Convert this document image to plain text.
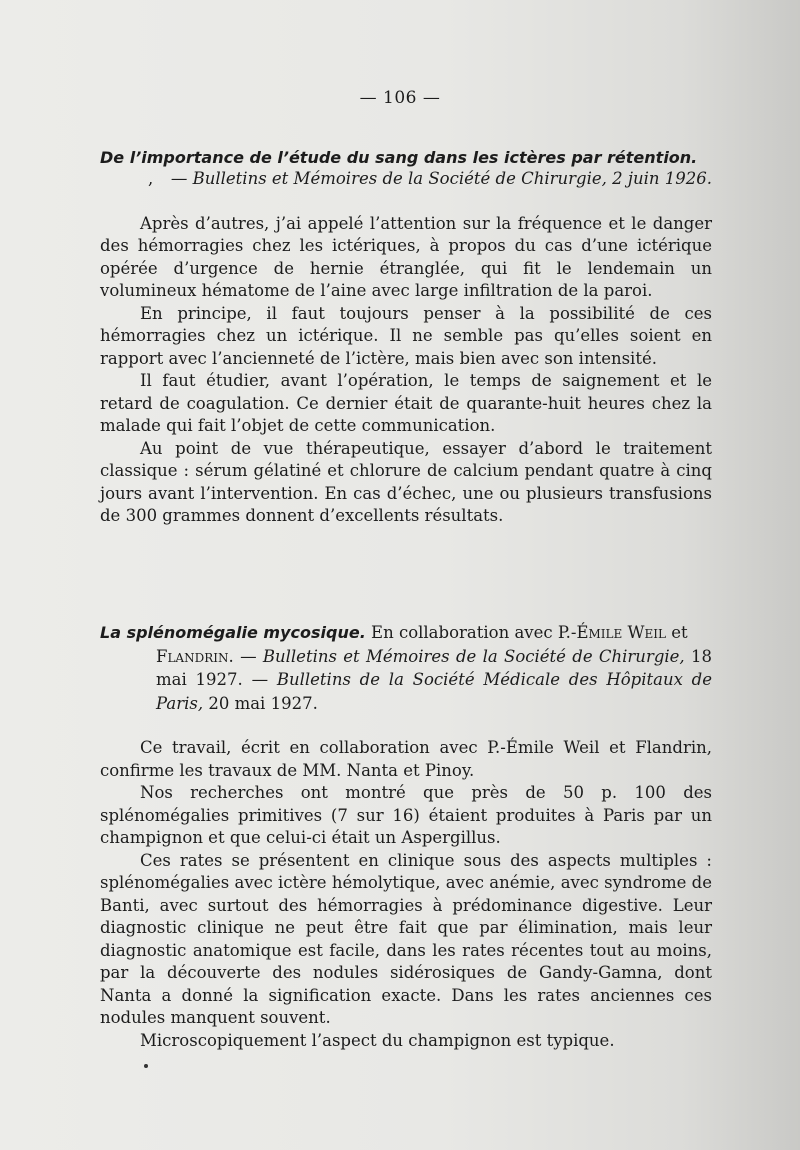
— 106 —
De l’importance de l’étude du sang dans les ictères par rétention.
, — Bulletins et Mémoires de la Société de Chirurgie, 2 juin 1926.

Après d’autres, j’ai appelé l’attention sur la fréquence et le danger des hémorragies chez les ictériques, à propos du cas d’une ictérique opérée d’urgence de hernie étranglée, qui fit le lendemain un volumineux hématome de l’aine avec large infiltration de la paroi.

En principe, il faut toujours penser à la possibilité de ces hémorragies chez un ictérique. Il ne semble pas qu’elles soient en rapport avec l’ancienneté de l’ictère, mais bien avec son intensité.

Il faut étudier, avant l’opération, le temps de saignement et le retard de coagulation. Ce dernier était de quarante-huit heures chez la malade qui fait l’objet de cette communication.

Au point de vue thérapeutique, essayer d’abord le traitement classique : sérum gélatiné et chlorure de calcium pendant quatre à cinq jours avant l’intervention. En cas d’échec, une ou plusieurs transfusions de 300 grammes donnent d’excellents résultats.

La splénomégalie mycosique. En collaboration avec P.-Émile Weil et
Flandrin. — Bulletins et Mémoires de la Société de Chirurgie, 18 mai 1927. — Bulletins de la Société Médicale des Hôpitaux de Paris, 20 mai 1927.

Ce travail, écrit en collaboration avec P.-Émile Weil et Flandrin, confirme les travaux de MM. Nanta et Pinoy.

Nos recherches ont montré que près de 50 p. 100 des splénomégalies primitives (7 sur 16) étaient produites à Paris par un champignon et que celui-ci était un Aspergillus.

Ces rates se présentent en clinique sous des aspects multiples : splénomégalies avec ictère hémolytique, avec anémie, avec syndrome de Banti, avec surtout des hémorragies à prédominance digestive. Leur diagnostic clinique ne peut être fait que par élimination, mais leur diagnostic anatomique est facile, dans les rates récentes tout au moins, par la découverte des nodules sidérosiques de Gandy-Gamna, dont Nanta a donné la signification exacte. Dans les rates anciennes ces nodules manquent souvent.

Microscopiquement l’aspect du champignon est typique.
